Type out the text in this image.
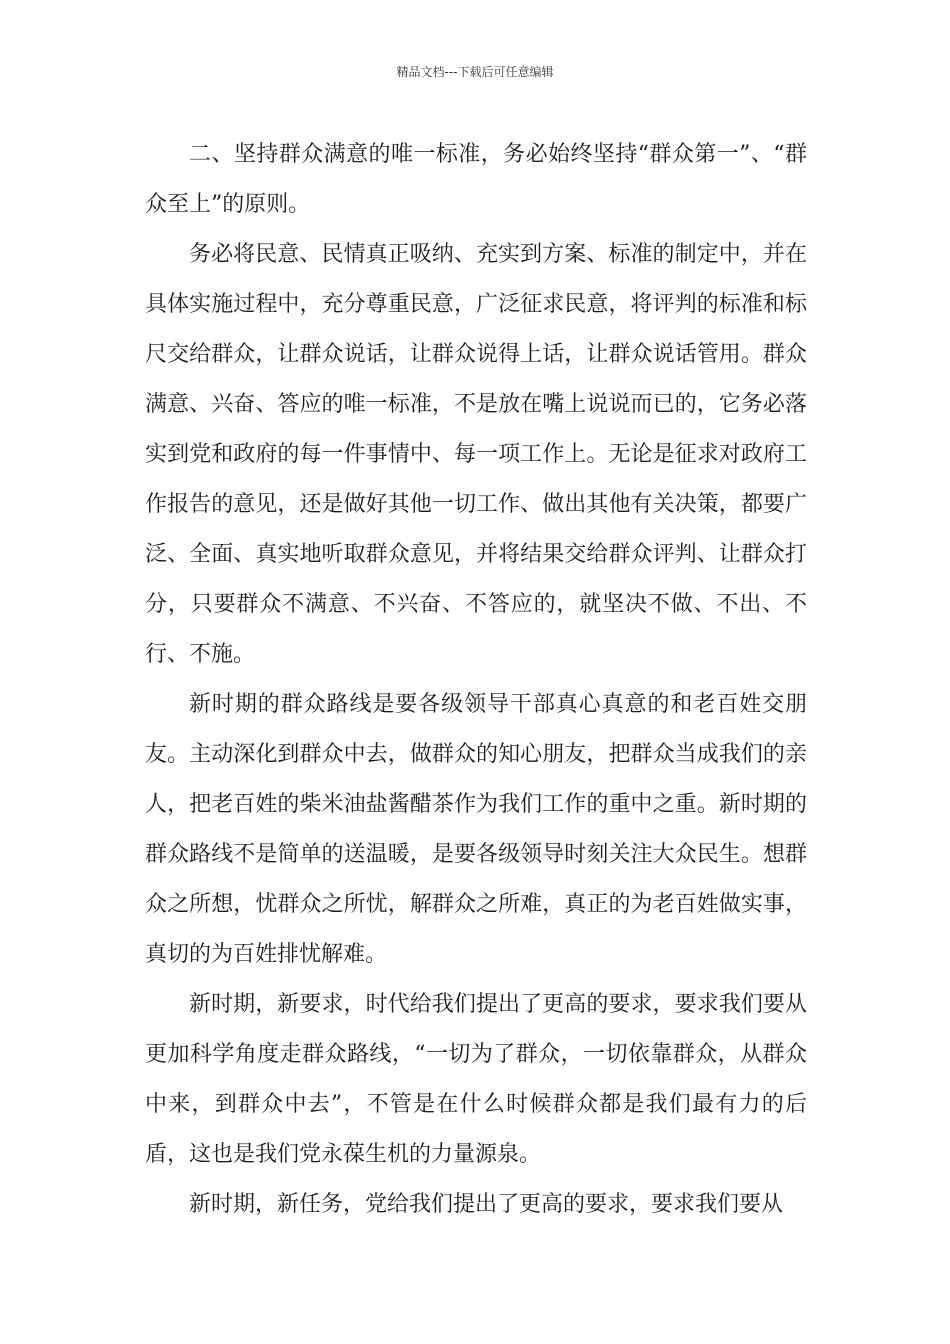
精品文档---下载后可任意编辑

二、坚持群众满意的唯一标准，务必始终坚持“群众第一”、“群众至上”的原则。

务必将民意、民情真正吸纳、充实到方案、标准的制定中，并在具体实施过程中，充分尊重民意，广泛征求民意，将评判的标准和标尺交给群众，让群众说话，让群众说得上话，让群众说话管用。群众满意、兴奋、答应的唯一标准，不是放在嘴上说说而已的，它务必落实到党和政府的每一件事情中、每一项工作上。无论是征求对政府工作报告的意见，还是做好其他一切工作、做出其他有关决策，都要广泛、全面、真实地听取群众意见，并将结果交给群众评判、让群众打分，只要群众不满意、不兴奋、不答应的，就坚决不做、不出、不行、不施。

新时期的群众路线是要各级领导干部真心真意的和老百姓交朋友。主动深化到群众中去，做群众的知心朋友，把群众当成我们的亲人，把老百姓的柴米油盐酱醋茶作为我们工作的重中之重。新时期的群众路线不是简单的送温暖，是要各级领导时刻关注大众民生。想群众之所想，忧群众之所忧，解群众之所难，真正的为老百姓做实事，真切的为百姓排忧解难。

新时期，新要求，时代给我们提出了更高的要求，要求我们要从更加科学角度走群众路线，“一切为了群众，一切依靠群众，从群众中来，到群众中去”，不管是在什么时候群众都是我们最有力的后盾，这也是我们党永葆生机的力量源泉。

新时期，新任务，党给我们提出了更高的要求，要求我们要从
